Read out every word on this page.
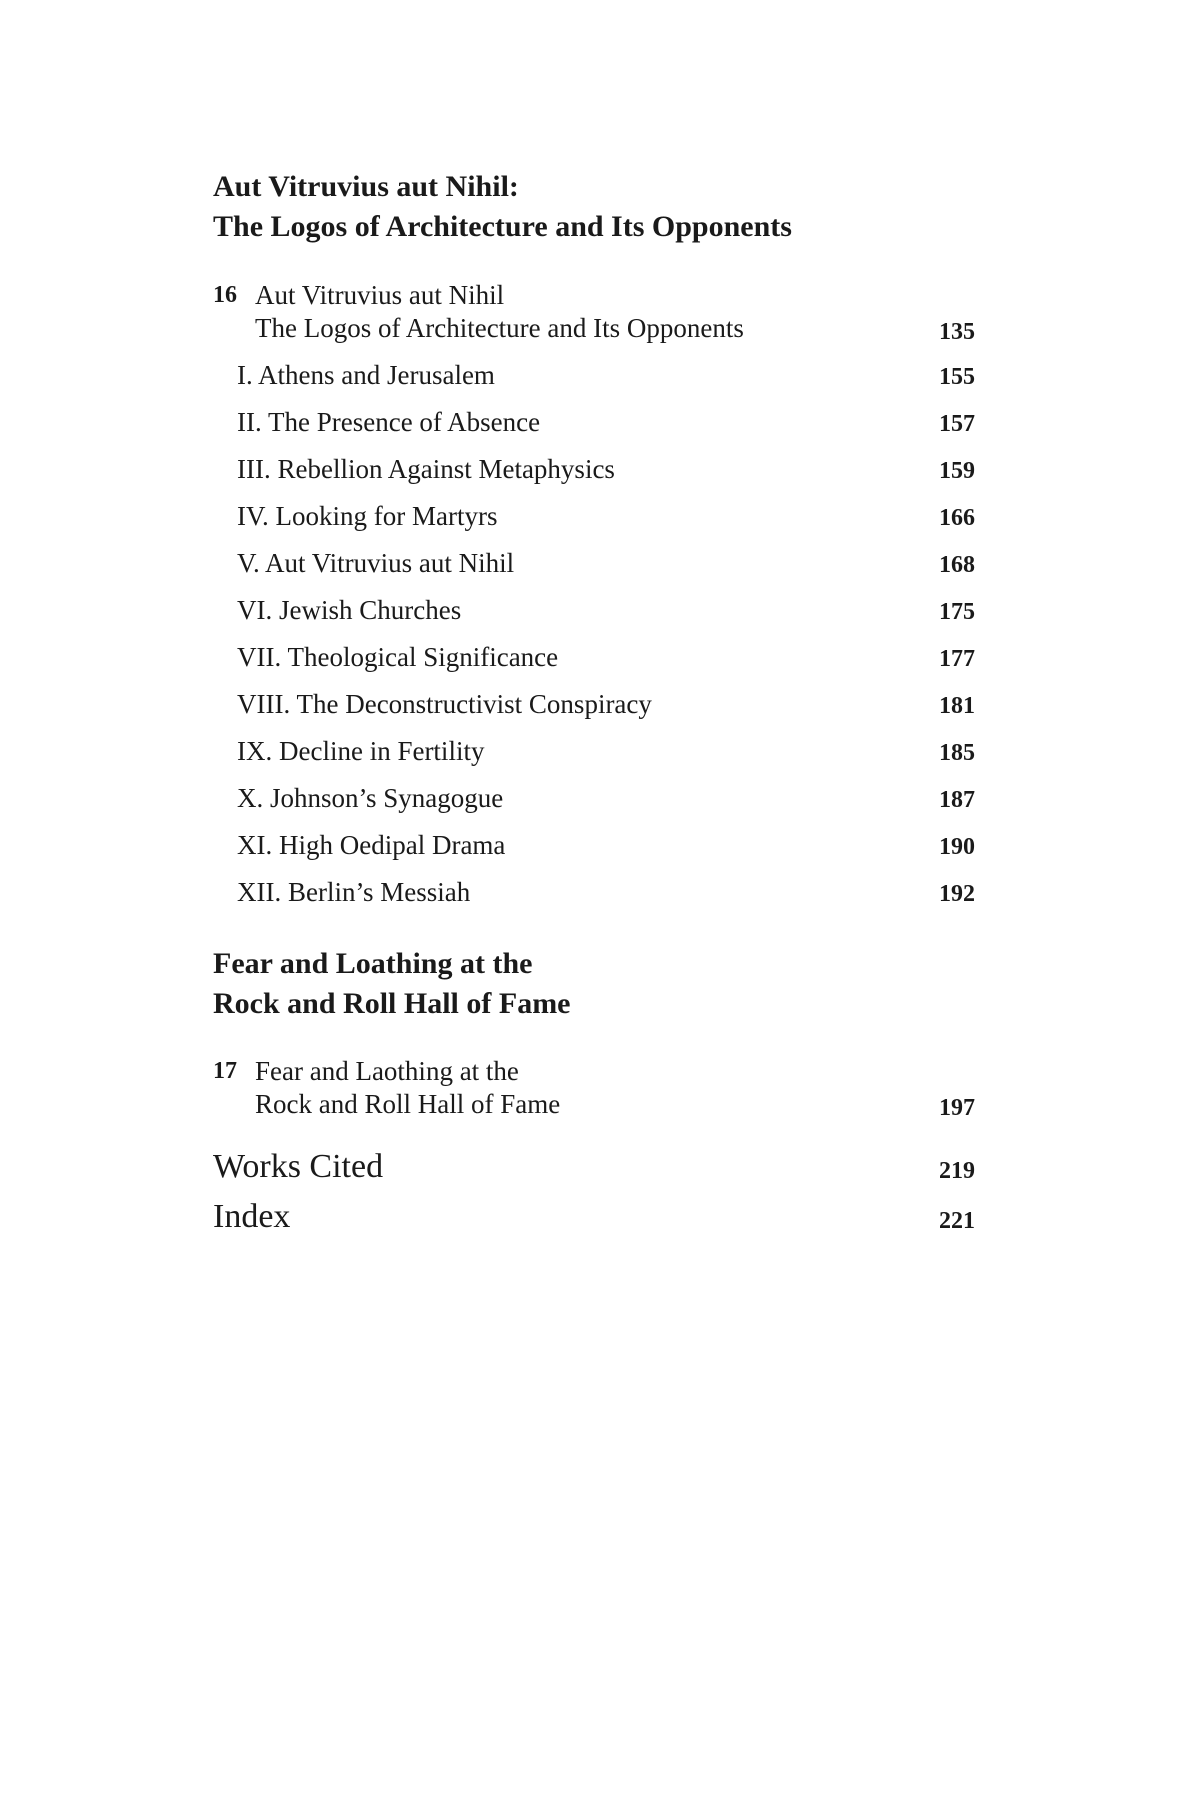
Aut Vitruvius aut Nihil:
The Logos of Architecture and Its Opponents
16 Aut Vitruvius aut Nihil
The Logos of Architecture and Its Opponents	135
I. Athens and Jerusalem	155
II. The Presence of Absence	157
III. Rebellion Against Metaphysics	159
IV. Looking for Martyrs	166
V. Aut Vitruvius aut Nihil	168
VI. Jewish Churches	175
VII. Theological Significance	177
VIII. The Deconstructivist Conspiracy	181
IX. Decline in Fertility	185
X. Johnson’s Synagogue	187
XI. High Oedipal Drama	190
XII. Berlin’s Messiah	192
Fear and Loathing at the
Rock and Roll Hall of Fame
17 Fear and Laothing at the
Rock and Roll Hall of Fame	197
Works Cited	219
Index	221
